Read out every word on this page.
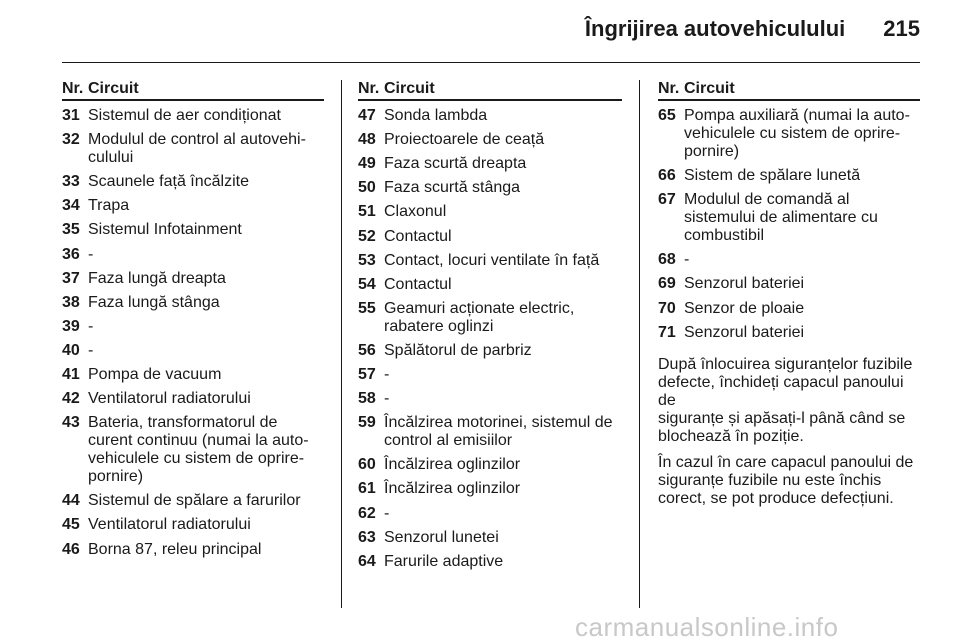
Îngrijirea autovehiculului 215
Nr. Circuit
31 Sistemul de aer condiționat
32 Modulul de control al autovehi-
culului
33 Scaunele față încălzite
34 Trapa
35 Sistemul Infotainment
36 -
37 Faza lungă dreapta
38 Faza lungă stânga
39 -
40 -
41 Pompa de vacuum
42 Ventilatorul radiatorului
43 Bateria, transformatorul de
curent continuu (numai la auto-
vehiculele cu sistem de oprire-
pornire)
44 Sistemul de spălare a farurilor
45 Ventilatorul radiatorului
46 Borna 87, releu principal
Nr. Circuit
47 Sonda lambda
48 Proiectoarele de ceață
49 Faza scurtă dreapta
50 Faza scurtă stânga
51 Claxonul
52 Contactul
53 Contact, locuri ventilate în față
54 Contactul
55 Geamuri acționate electric,
rabatere oglinzi
56 Spălătorul de parbriz
57 -
58 -
59 Încălzirea motorinei, sistemul de
control al emisiilor
60 Încălzirea oglinzilor
61 Încălzirea oglinzilor
62 -
63 Senzorul lunetei
64 Farurile adaptive
Nr. Circuit
65 Pompa auxiliară (numai la auto-
vehiculele cu sistem de oprire-
pornire)
66 Sistem de spălare lunetă
67 Modulul de comandă al
sistemului de alimentare cu
combustibil
68 -
69 Senzorul bateriei
70 Senzor de ploaie
71 Senzorul bateriei
După înlocuirea siguranțelor fuzibile
defecte, închideți capacul panoului de
siguranțe și apăsați-l până când se
blochează în poziție.
În cazul în care capacul panoului de
siguranțe fuzibile nu este închis
corect, se pot produce defecțiuni.
carmanualsonline.info
